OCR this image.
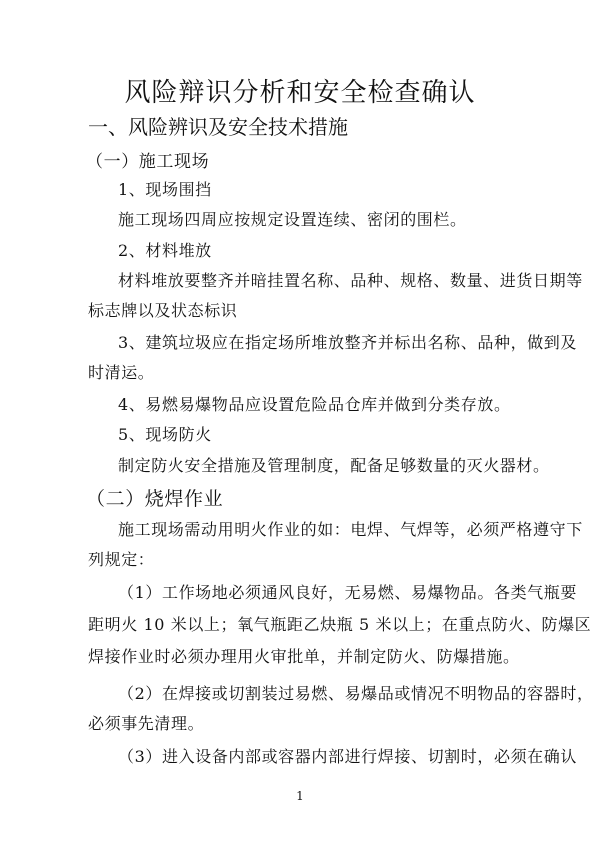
风险辩识分析和安全检查确认
一、风险辨识及安全技术措施

（一）施工现场

1、现场围挡

施工现场四周应按规定设置连续、密闭的围栏。

2、材料堆放

材料堆放要整齐并暗挂置名称、品种、规格、数量、进货日期等

标志牌以及状态标识

3、建筑垃圾应在指定场所堆放整齐并标出名称、品种，做到及

时清运。

4、易燃易爆物品应设置危险品仓库并做到分类存放。

5、现场防火

制定防火安全措施及管理制度，配备足够数量的灭火器材。

（二）烧焊作业

施工现场需动用明火作业的如：电焊、气焊等，必须严格遵守下

列规定：

（1）工作场地必须通风良好，无易燃、易爆物品。各类气瓶要

距明火 10 米以上；氧气瓶距乙炔瓶 5 米以上；在重点防火、防爆区

焊接作业时必须办理用火审批单，并制定防火、防爆措施。

（2）在焊接或切割装过易燃、易爆品或情况不明物品的容器时，

必须事先清理。

（3）进入设备内部或容器内部进行焊接、切割时，必须在确认

1
